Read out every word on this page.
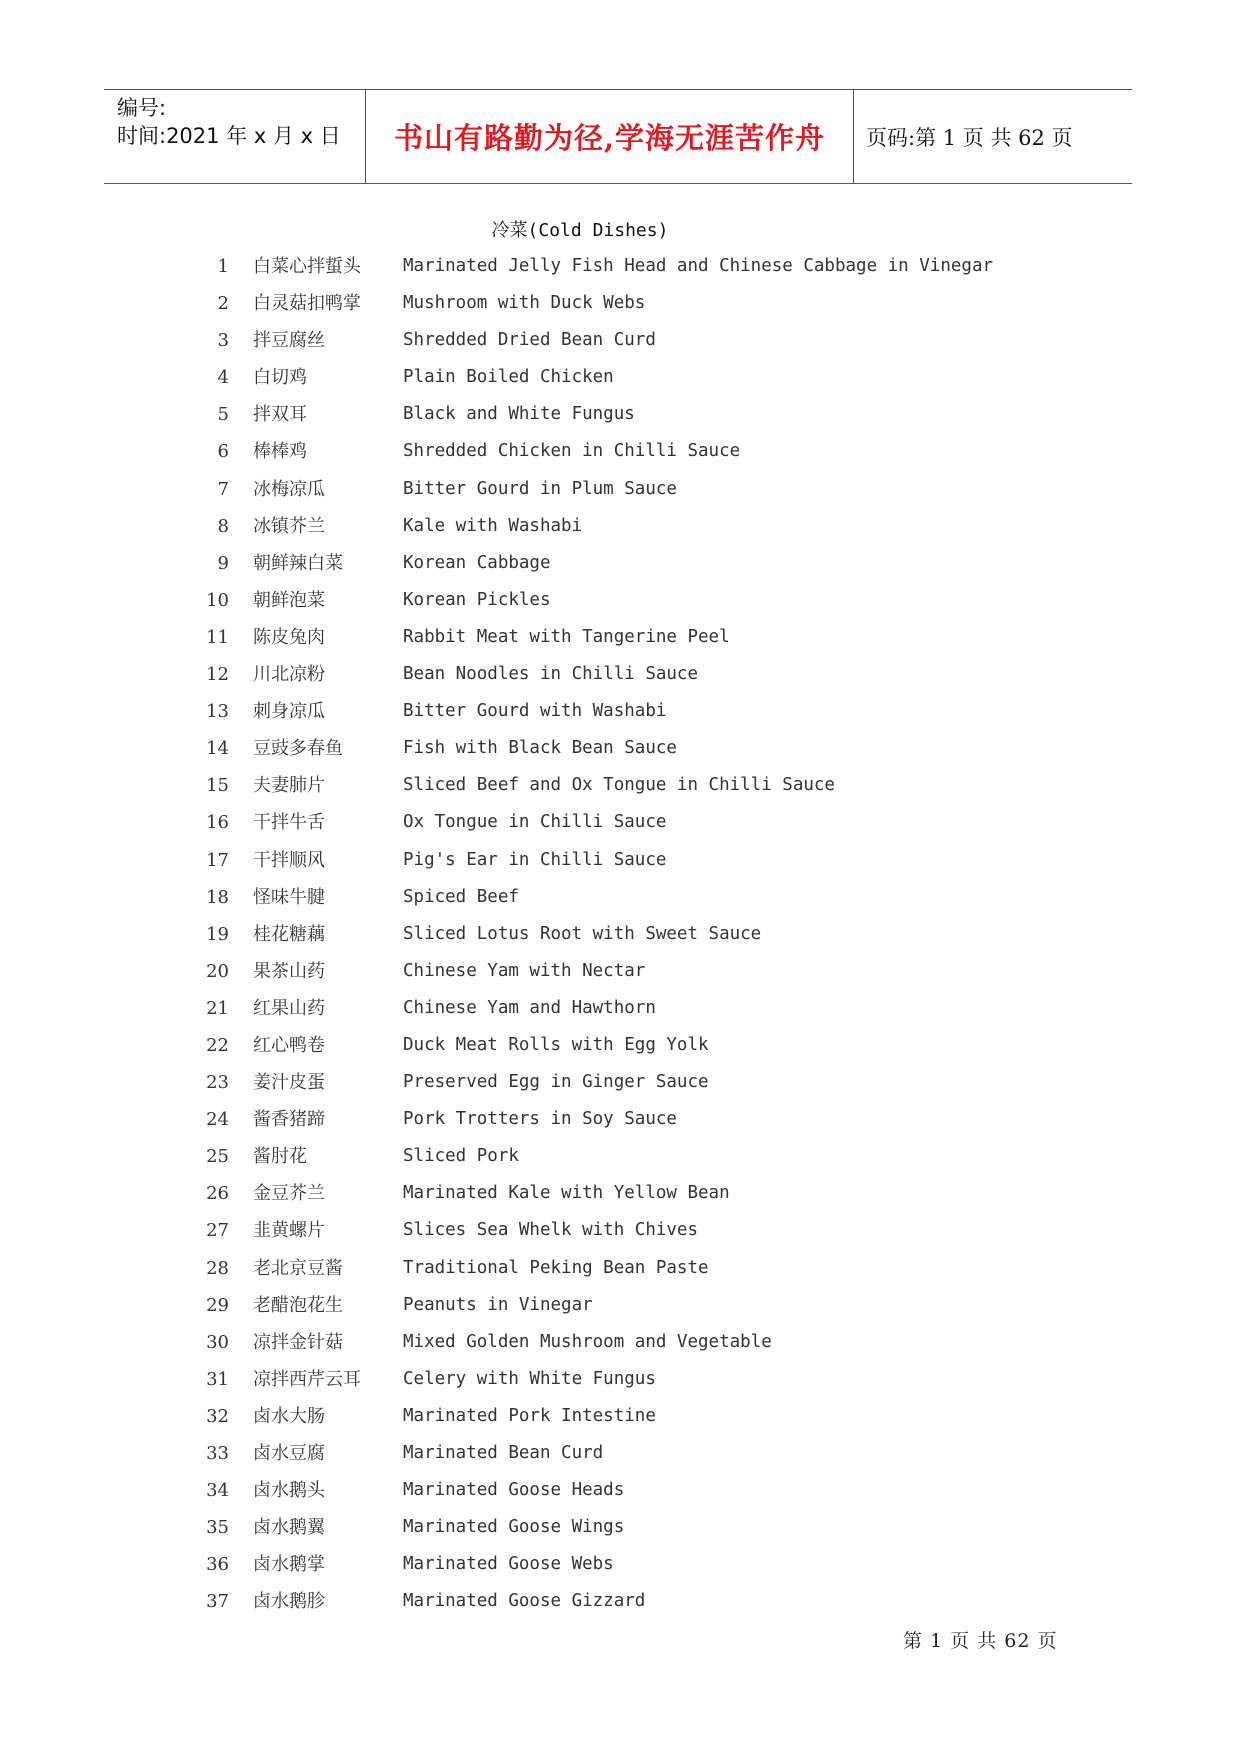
编号:
时间:2021 年 x 月 x 日	书山有路勤为径,学海无涯苦作舟	页码:第 1 页 共 62 页
冷菜(Cold Dishes)
1 白菜心拌蜇头 Marinated Jelly Fish Head and Chinese Cabbage in Vinegar
2 白灵菇扣鸭掌 Mushroom with Duck Webs
3 拌豆腐丝	Shredded Dried Bean Curd
4 白切鸡	Plain Boiled Chicken
5 拌双耳	Black and White Fungus
6 棒棒鸡	Shredded Chicken in Chilli Sauce
7 冰梅凉瓜	Bitter Gourd in Plum Sauce
8 冰镇芥兰	Kale with Washabi
9 朝鲜辣白菜	Korean Cabbage
10 朝鲜泡菜	Korean Pickles
11 陈皮兔肉	Rabbit Meat with Tangerine Peel
12 川北凉粉	Bean Noodles in Chilli Sauce
13 刺身凉瓜	Bitter Gourd with Washabi
14 豆豉多春鱼	Fish with Black Bean Sauce
15 夫妻肺片	Sliced Beef and Ox Tongue in Chilli Sauce
16 干拌牛舌	Ox Tongue in Chilli Sauce
17 干拌顺风	Pig's Ear in Chilli Sauce
18 怪味牛腱	Spiced Beef
19 桂花糖藕	Sliced Lotus Root with Sweet Sauce
20 果茶山药	Chinese Yam with Nectar
21 红果山药	Chinese Yam and Hawthorn
22 红心鸭卷	Duck Meat Rolls with Egg Yolk
23 姜汁皮蛋	Preserved Egg in Ginger Sauce
24 酱香猪蹄	Pork Trotters in Soy Sauce
25 酱肘花	Sliced Pork
26 金豆芥兰	Marinated Kale with Yellow Bean
27 韭黄螺片	Slices Sea Whelk with Chives
28 老北京豆酱	Traditional Peking Bean Paste
29 老醋泡花生	Peanuts in Vinegar
30 凉拌金针菇	Mixed Golden Mushroom and Vegetable
31 凉拌西芹云耳 Celery with White Fungus
32 卤水大肠	Marinated Pork Intestine
33 卤水豆腐	Marinated Bean Curd
34 卤水鹅头	Marinated Goose Heads
35 卤水鹅翼	Marinated Goose Wings
36 卤水鹅掌	Marinated Goose Webs
37 卤水鹅胗	Marinated Goose Gizzard
第 1 页 共 62 页
